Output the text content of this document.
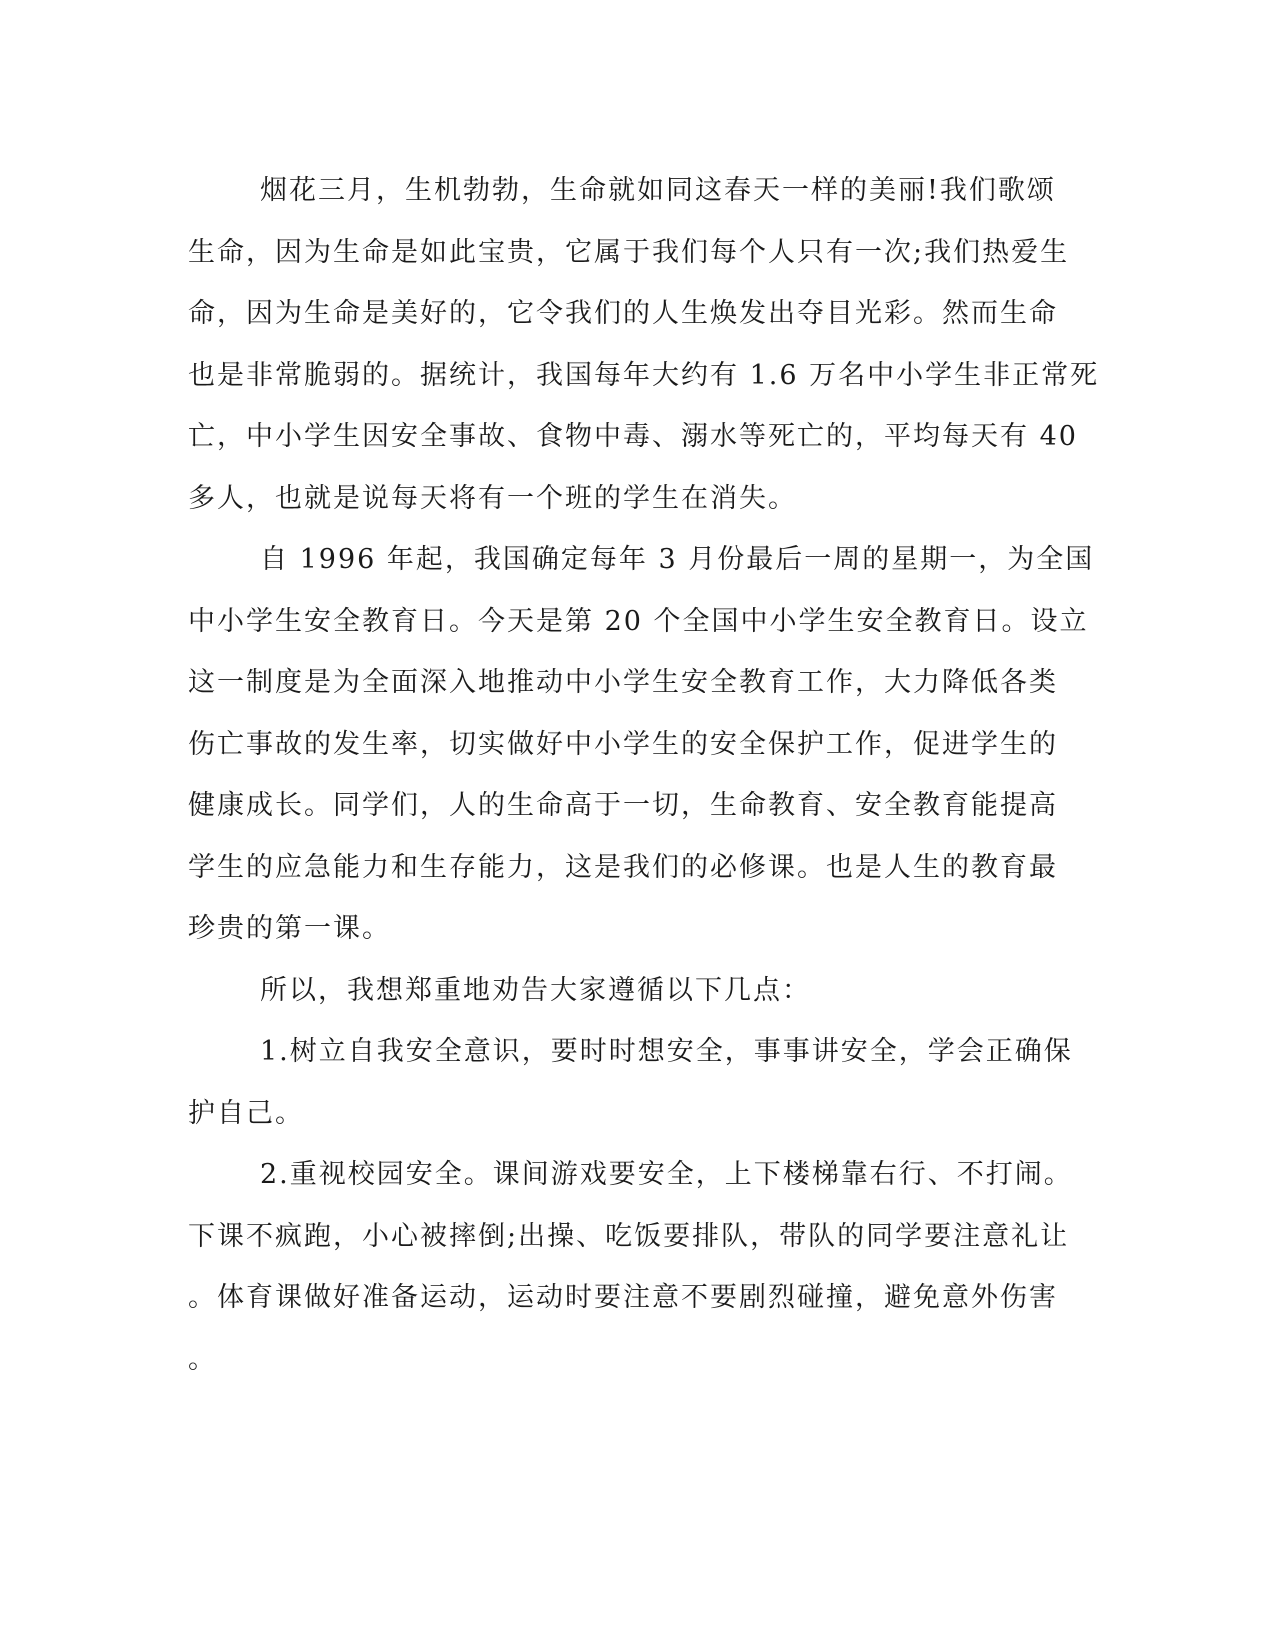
烟花三月，生机勃勃，生命就如同这春天一样的美丽!我们歌颂
生命，因为生命是如此宝贵，它属于我们每个人只有一次;我们热爱生
命，因为生命是美好的，它令我们的人生焕发出夺目光彩。然而生命
也是非常脆弱的。据统计，我国每年大约有 1.6 万名中小学生非正常死
亡，中小学生因安全事故、食物中毒、溺水等死亡的，平均每天有 40
多人，也就是说每天将有一个班的学生在消失。
自 1996 年起，我国确定每年 3 月份最后一周的星期一，为全国
中小学生安全教育日。今天是第 20 个全国中小学生安全教育日。设立
这一制度是为全面深入地推动中小学生安全教育工作，大力降低各类
伤亡事故的发生率，切实做好中小学生的安全保护工作，促进学生的
健康成长。同学们，人的生命高于一切，生命教育、安全教育能提高
学生的应急能力和生存能力，这是我们的必修课。也是人生的教育最
珍贵的第一课。
所以，我想郑重地劝告大家遵循以下几点：
1.树立自我安全意识，要时时想安全，事事讲安全，学会正确保
护自己。
2.重视校园安全。课间游戏要安全，上下楼梯靠右行、不打闹。
下课不疯跑，小心被摔倒;出操、吃饭要排队，带队的同学要注意礼让
。体育课做好准备运动，运动时要注意不要剧烈碰撞，避免意外伤害
。
